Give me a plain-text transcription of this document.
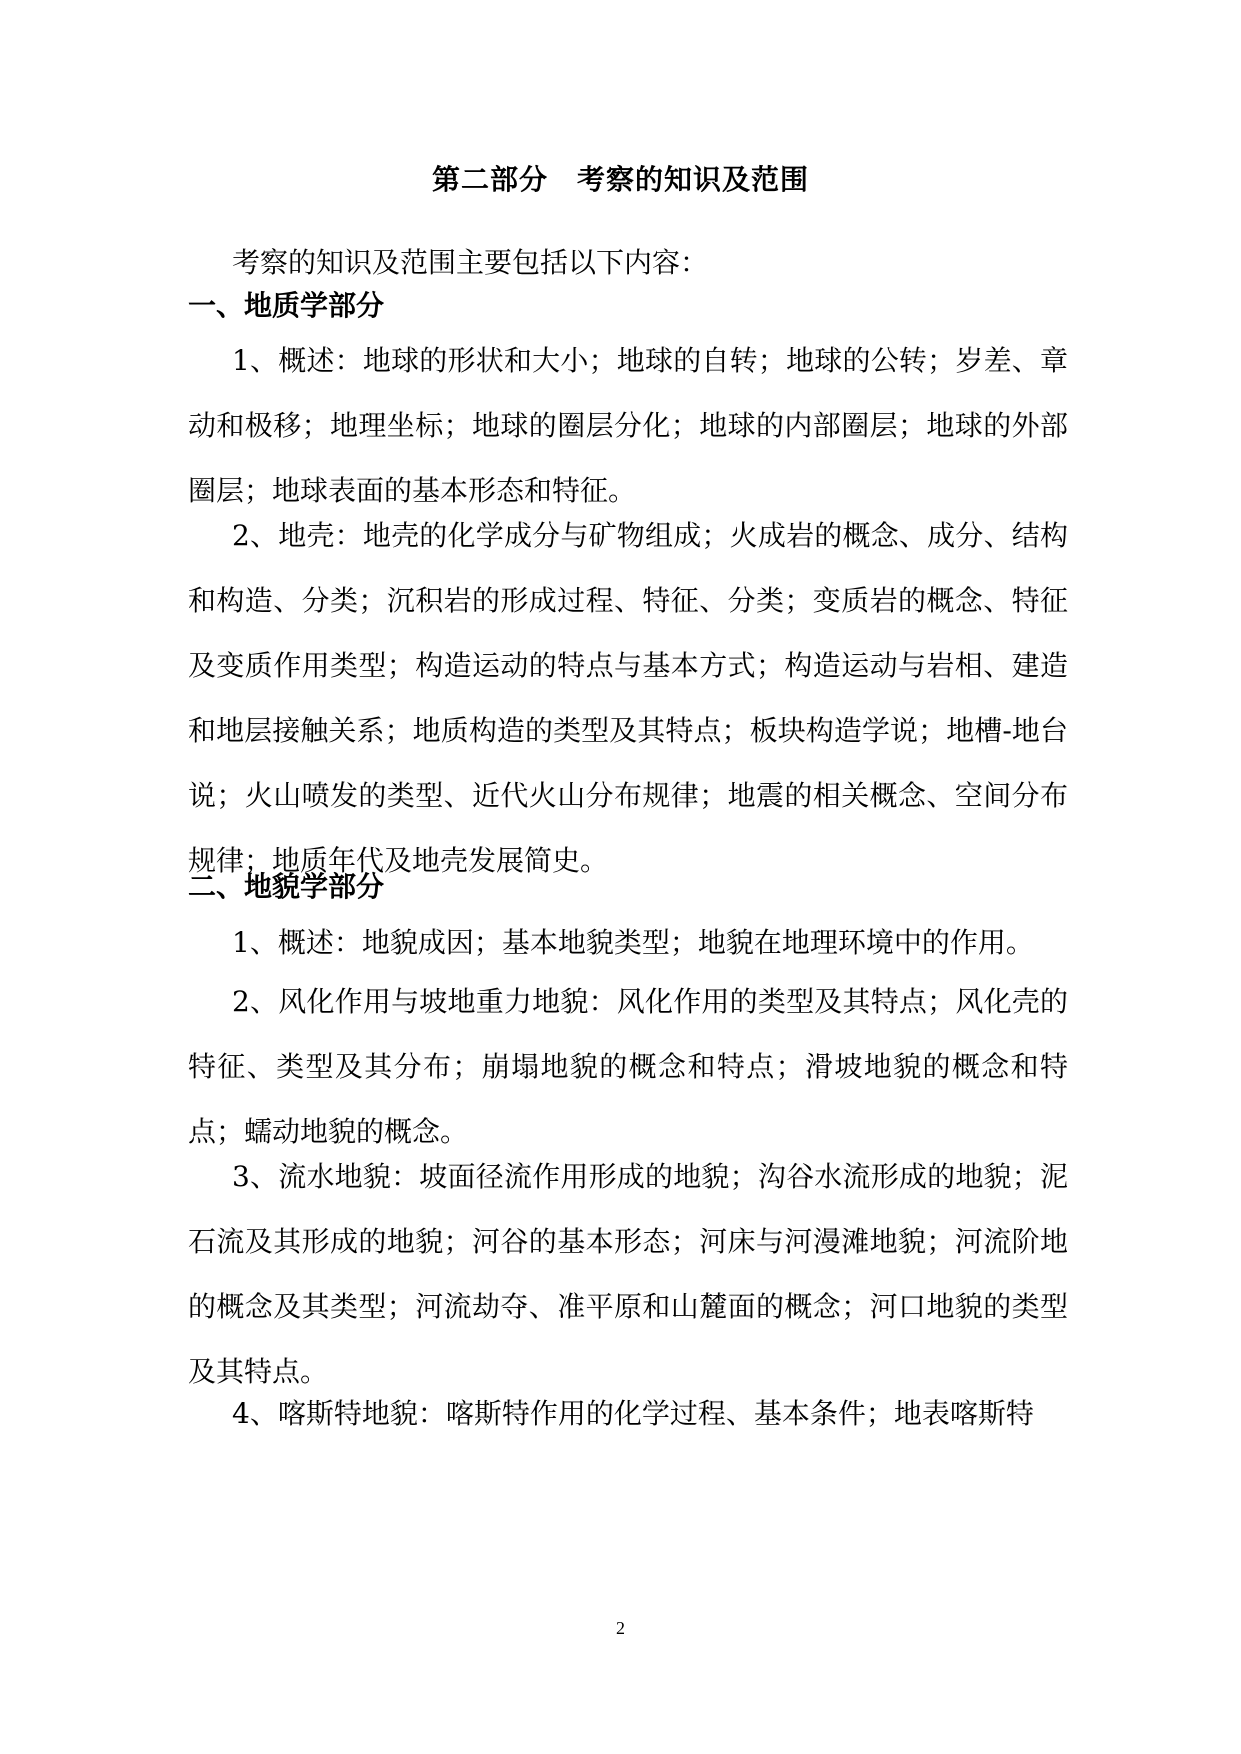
第二部分　考察的知识及范围
考察的知识及范围主要包括以下内容：
一、地质学部分
1、概述：地球的形状和大小；地球的自转；地球的公转；岁差、章动和极移；地理坐标；地球的圈层分化；地球的内部圈层；地球的外部圈层；地球表面的基本形态和特征。
2、地壳：地壳的化学成分与矿物组成；火成岩的概念、成分、结构和构造、分类；沉积岩的形成过程、特征、分类；变质岩的概念、特征及变质作用类型；构造运动的特点与基本方式；构造运动与岩相、建造和地层接触关系；地质构造的类型及其特点；板块构造学说；地槽-地台说；火山喷发的类型、近代火山分布规律；地震的相关概念、空间分布规律；地质年代及地壳发展简史。
二、地貌学部分
1、概述：地貌成因；基本地貌类型；地貌在地理环境中的作用。
2、风化作用与坡地重力地貌：风化作用的类型及其特点；风化壳的特征、类型及其分布；崩塌地貌的概念和特点；滑坡地貌的概念和特点；蠕动地貌的概念。
3、流水地貌：坡面径流作用形成的地貌；沟谷水流形成的地貌；泥石流及其形成的地貌；河谷的基本形态；河床与河漫滩地貌；河流阶地的概念及其类型；河流劫夺、准平原和山麓面的概念；河口地貌的类型及其特点。
4、喀斯特地貌：喀斯特作用的化学过程、基本条件；地表喀斯特
2
